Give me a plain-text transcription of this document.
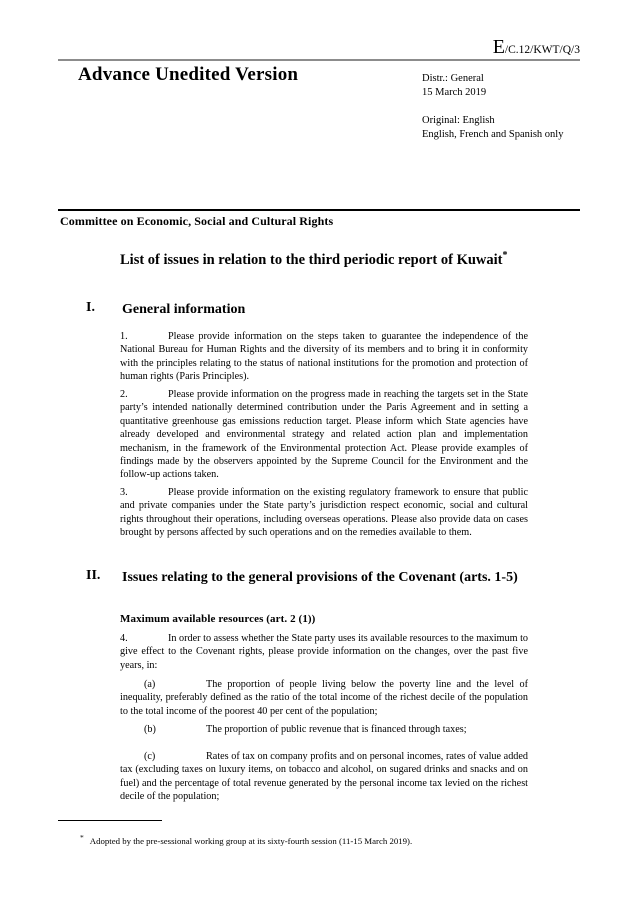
E/C.12/KWT/Q/3
Advance Unedited Version	Distr.: General
15 March 2019
Original: English
English, French and Spanish only
Committee on Economic, Social and Cultural Rights
List of issues in relation to the third periodic report of Kuwait*
I. General information
1.	Please provide information on the steps taken to guarantee the independence of the National Bureau for Human Rights and the diversity of its members and to bring it in conformity with the principles relating to the status of national institutions for the promotion and protection of human rights (Paris Principles).
2.	Please provide information on the progress made in reaching the targets set in the State party’s intended nationally determined contribution under the Paris Agreement and in setting a quantitative greenhouse gas emissions reduction target. Please inform which State agencies have already developed and environmental strategy and related action plan and implementation mechanism, in the framework of the Environmental protection Act. Please provide examples of findings made by the observers appointed by the Supreme Council for the Environment and the follow-up actions taken.
3.	Please provide information on the existing regulatory framework to ensure that public and private companies under the State party’s jurisdiction respect economic, social and cultural rights throughout their operations, including overseas operations. Please also provide data on cases brought by persons affected by such operations and on the remedies available to them.
II. Issues relating to the general provisions of the Covenant (arts. 1-5)
Maximum available resources (art. 2 (1))
4.	In order to assess whether the State party uses its available resources to the maximum to give effect to the Covenant rights, please provide information on the changes, over the past five years, in:
(a)	The proportion of people living below the poverty line and the level of inequality, preferably defined as the ratio of the total income of the richest decile of the population to the total income of the poorest 40 per cent of the population;
(b)	The proportion of public revenue that is financed through taxes;
(c)	Rates of tax on company profits and on personal incomes, rates of value added tax (excluding taxes on luxury items, on tobacco and alcohol, on sugared drinks and snacks and on fuel) and the percentage of total revenue generated by the personal income tax levied on the richest decile of the population;
* Adopted by the pre-sessional working group at its sixty-fourth session (11-15 March 2019).
